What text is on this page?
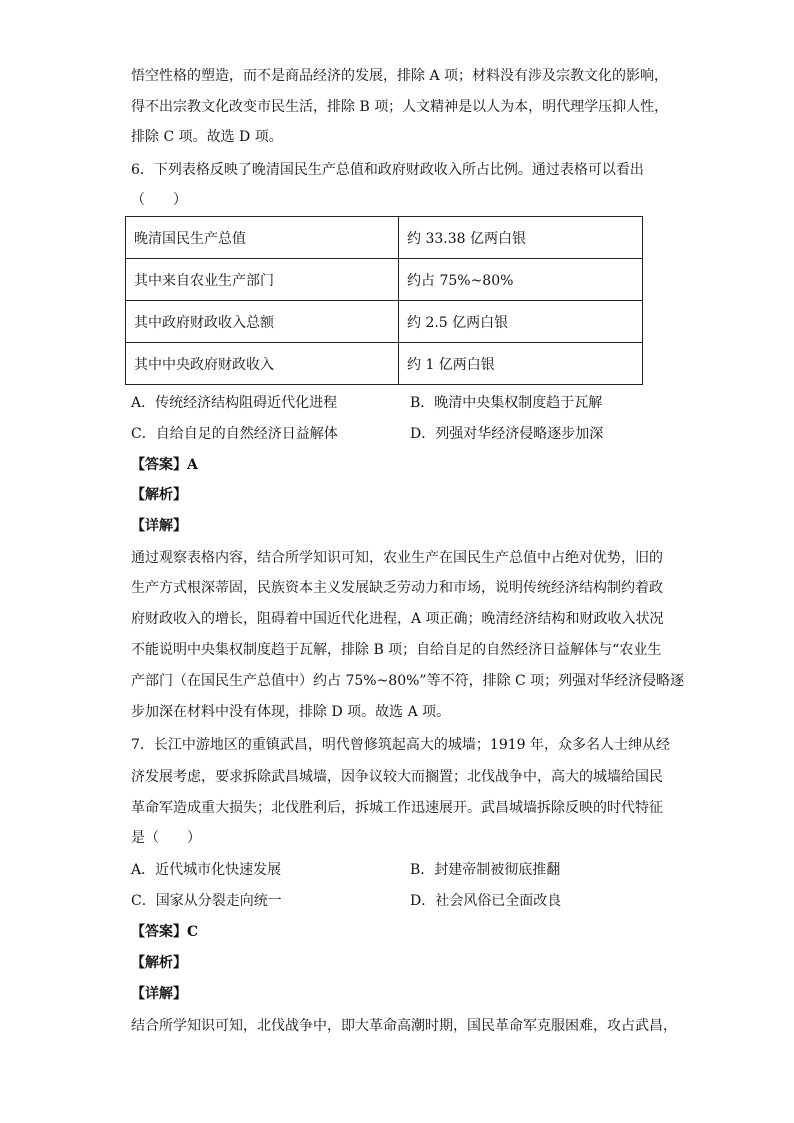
悟空性格的塑造，而不是商品经济的发展，排除 A 项；材料没有涉及宗教文化的影响，
得不出宗教文化改变市民生活，排除 B 项；人文精神是以人为本，明代理学压抑人性，
排除 C 项。故选 D 项。
6．下列表格反映了晚清国民生产总值和政府财政收入所占比例。通过表格可以看出
（　　）
晚清国民生产总值	约 33.38 亿两白银
其中来自农业生产部门	约占 75%~80%
其中政府财政收入总额	约 2.5 亿两白银
其中中央政府财政收入	约 1 亿两白银
A．传统经济结构阻碍近代化进程	B．晚清中央集权制度趋于瓦解
C．自给自足的自然经济日益解体	D．列强对华经济侵略逐步加深
【答案】A
【解析】
【详解】
通过观察表格内容，结合所学知识可知，农业生产在国民生产总值中占绝对优势，旧的
生产方式根深蒂固，民族资本主义发展缺乏劳动力和市场，说明传统经济结构制约着政
府财政收入的增长，阻碍着中国近代化进程，A 项正确；晚清经济结构和财政收入状况
不能说明中央集权制度趋于瓦解，排除 B 项；自给自足的自然经济日益解体与“农业生
产部门（在国民生产总值中）约占 75%~80%”等不符，排除 C 项；列强对华经济侵略逐
步加深在材料中没有体现，排除 D 项。故选 A 项。
7．长江中游地区的重镇武昌，明代曾修筑起高大的城墙；1919 年，众多名人士绅从经
济发展考虑，要求拆除武昌城墙，因争议较大而搁置；北伐战争中，高大的城墙给国民
革命军造成重大损失；北伐胜利后，拆城工作迅速展开。武昌城墙拆除反映的时代特征
是（　　）
A．近代城市化快速发展	B．封建帝制被彻底推翻
C．国家从分裂走向统一	D．社会风俗已全面改良
【答案】C
【解析】
【详解】
结合所学知识可知，北伐战争中，即大革命高潮时期，国民革命军克服困难，攻占武昌，
